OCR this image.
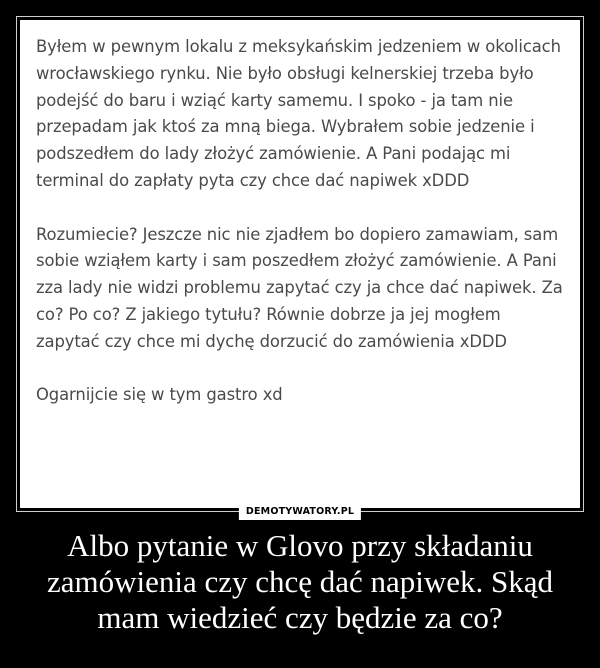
Byłem w pewnym lokalu z meksykańskim jedzeniem w okolicach wrocławskiego rynku. Nie było obsługi kelnerskiej trzeba było podejść do baru i wziąć karty samemu. I spoko - ja tam nie przepadam jak ktoś za mną biega. Wybrałem sobie jedzenie i podszedłem do lady złożyć zamówienie. A Pani podając mi terminal do zapłaty pyta czy chce dać napiwek xDDD

Rozumiecie? Jeszcze nic nie zjadłem bo dopiero zamawiam, sam sobie wziąłem karty i sam poszedłem złożyć zamówienie. A Pani zza lady nie widzi problemu zapytać czy ja chce dać napiwek. Za co? Po co? Z jakiego tytułu? Równie dobrze ja jej mogłem zapytać czy chce mi dychę dorzucić do zamówienia xDDD

Ogarnijcie się w tym gastro xd

DEMOTYWATORY.PL
Albo pytanie w Glovo przy składaniu zamówienia czy chcę dać napiwek. Skąd mam wiedzieć czy będzie za co?
